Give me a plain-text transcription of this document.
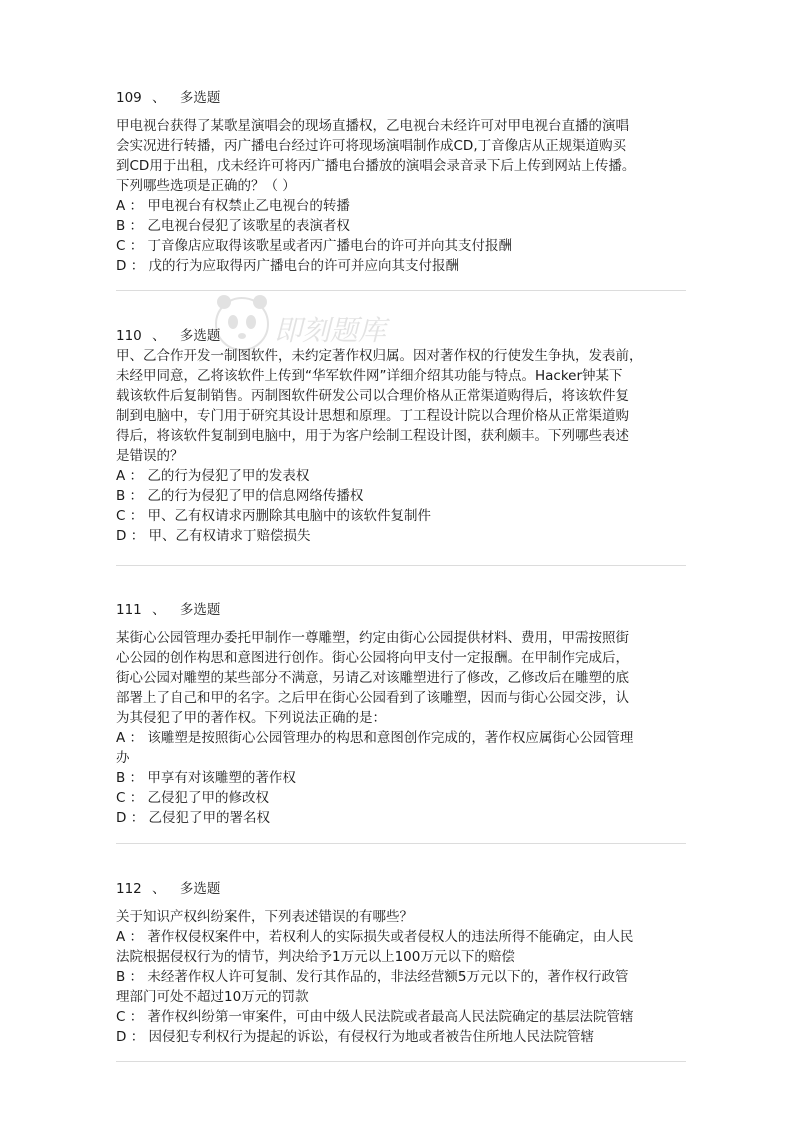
即刻题库
109 、 多选题

甲电视台获得了某歌星演唱会的现场直播权，乙电视台未经许可对甲电视台直播的演唱

会实况进行转播，丙广播电台经过许可将现场演唱制作成CD,丁音像店从正规渠道购买

到CD用于出租，戊未经许可将丙广播电台播放的演唱会录音录下后上传到网站上传播。

下列哪些选项是正确的？（ ）

A ： 甲电视台有权禁止乙电视台的转播
B ： 乙电视台侵犯了该歌星的表演者权
C ： 丁音像店应取得该歌星或者丙广播电台的许可并向其支付报酬
D ： 戊的行为应取得丙广播电台的许可并应向其支付报酬
110 、 多选题

甲、乙合作开发一制图软件，未约定著作权归属。因对著作权的行使发生争执，发表前，

未经甲同意，乙将该软件上传到“华军软件网”详细介绍其功能与特点。Hacker钟某下

载该软件后复制销售。丙制图软件研发公司以合理价格从正常渠道购得后，将该软件复

制到电脑中，专门用于研究其设计思想和原理。丁工程设计院以合理价格从正常渠道购

得后，将该软件复制到电脑中，用于为客户绘制工程设计图，获利颇丰。下列哪些表述

是错误的？

A ： 乙的行为侵犯了甲的发表权
B ： 乙的行为侵犯了甲的信息网络传播权
C ： 甲、乙有权请求丙删除其电脑中的该软件复制件
D ： 甲、乙有权请求丁赔偿损失
111 、 多选题

某街心公园管理办委托甲制作一尊雕塑，约定由街心公园提供材料、费用，甲需按照街

心公园的创作构思和意图进行创作。街心公园将向甲支付一定报酬。在甲制作完成后，

街心公园对雕塑的某些部分不满意，另请乙对该雕塑进行了修改，乙修改后在雕塑的底

部署上了自己和甲的名字。之后甲在街心公园看到了该雕塑，因而与街心公园交涉，认

为其侵犯了甲的著作权。下列说法正确的是：

A ： 该雕塑是按照街心公园管理办的构思和意图创作完成的，著作权应属街心公园管理
办
B ： 甲享有对该雕塑的著作权
C ： 乙侵犯了甲的修改权
D ： 乙侵犯了甲的署名权
112 、 多选题

关于知识产权纠纷案件，下列表述错误的有哪些？

A ： 著作权侵权案件中，若权利人的实际损失或者侵权人的违法所得不能确定，由人民
法院根据侵权行为的情节，判决给予1万元以上100万元以下的赔偿
B ： 未经著作权人许可复制、发行其作品的，非法经营额5万元以下的，著作权行政管
理部门可处不超过10万元的罚款
C ： 著作权纠纷第一审案件，可由中级人民法院或者最高人民法院确定的基层法院管辖
D ： 因侵犯专利权行为提起的诉讼，有侵权行为地或者被告住所地人民法院管辖
